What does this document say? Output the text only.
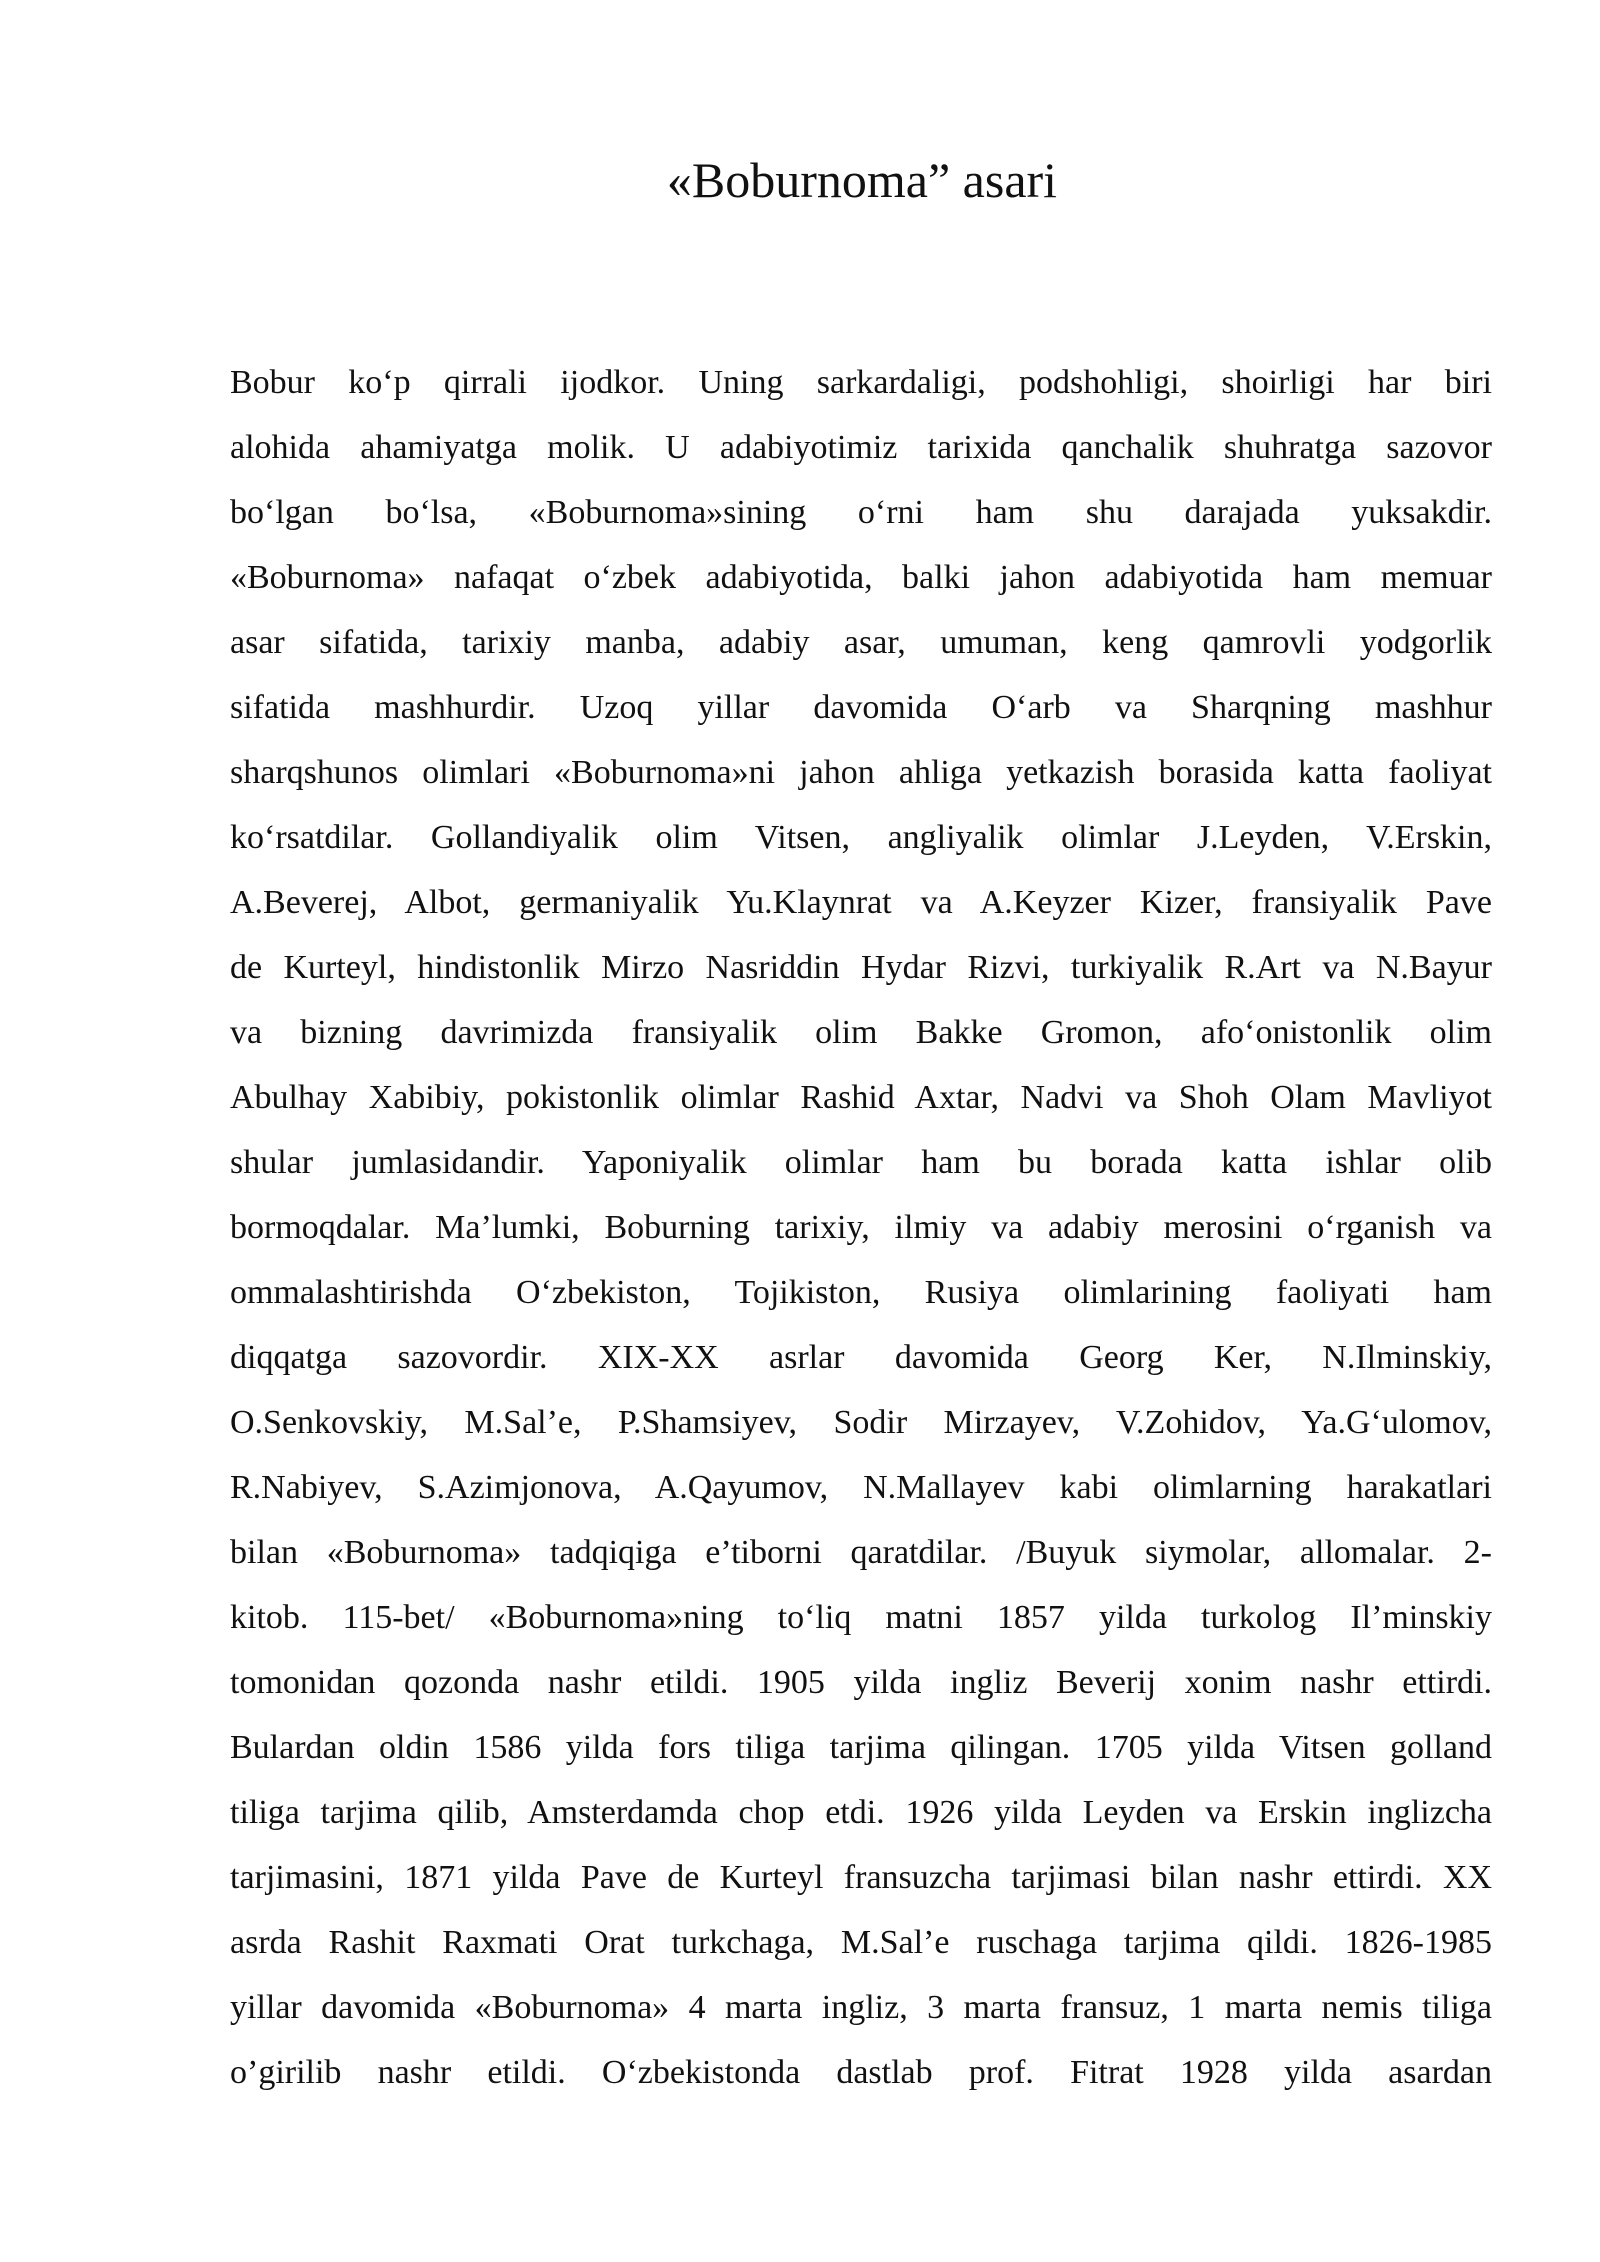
«Boburnoma” asari
Bobur ko‘p qirrali ijodkor. Uning sarkardaligi, podshohligi, shoirligi har biri
alohida ahamiyatga molik. U adabiyotimiz tarixida qanchalik shuhratga sazovor
bo‘lgan bo‘lsa, «Boburnoma»sining o‘rni ham shu darajada yuksakdir.
«Boburnoma» nafaqat o‘zbek adabiyotida, balki jahon adabiyotida ham memuar
asar sifatida, tarixiy manba, adabiy asar, umuman, keng qamrovli yodgorlik
sifatida mashhurdir. Uzoq yillar davomida O‘arb va Sharqning mashhur
sharqshunos olimlari «Boburnoma»ni jahon ahliga yetkazish borasida katta faoliyat
ko‘rsatdilar. Gollandiyalik olim Vitsen, angliyalik olimlar J.Leyden, V.Erskin,
A.Beverej, Albot, germaniyalik Yu.Klaynrat va A.Keyzer Kizer, fransiyalik Pave
de Kurteyl, hindistonlik Mirzo Nasriddin Hydar Rizvi, turkiyalik R.Art va N.Bayur
va bizning davrimizda fransiyalik olim Bakke Gromon, afo‘onistonlik olim
Abulhay Xabibiy, pokistonlik olimlar Rashid Axtar, Nadvi va Shoh Olam Mavliyot
shular jumlasidandir. Yaponiyalik olimlar ham bu borada katta ishlar olib
bormoqdalar. Ma’lumki, Boburning tarixiy, ilmiy va adabiy merosini o‘rganish va
ommalashtirishda O‘zbekiston, Tojikiston, Rusiya olimlarining faoliyati ham
diqqatga sazovordir. XIX-XX asrlar davomida Georg Ker, N.Ilminskiy,
O.Senkovskiy, M.Sal’e, P.Shamsiyev, Sodir Mirzayev, V.Zohidov, Ya.G‘ulomov,
R.Nabiyev, S.Azimjonova, A.Qayumov, N.Mallayev kabi olimlarning harakatlari
bilan «Boburnoma» tadqiqiga e’tiborni qaratdilar. /Buyuk siymolar, allomalar. 2-
kitob. 115-bet/ «Boburnoma»ning to‘liq matni 1857 yilda turkolog Il’minskiy
tomonidan qozonda nashr etildi. 1905 yilda ingliz Beverij xonim nashr ettirdi.
Bulardan oldin 1586 yilda fors tiliga tarjima qilingan. 1705 yilda Vitsen golland
tiliga tarjima qilib, Amsterdamda chop etdi. 1926 yilda Leyden va Erskin inglizcha
tarjimasini, 1871 yilda Pave de Kurteyl fransuzcha tarjimasi bilan nashr ettirdi. XX
asrda Rashit Raxmati Orat turkchaga, M.Sal’e ruschaga tarjima qildi. 1826-1985
yillar davomida «Boburnoma» 4 marta ingliz, 3 marta fransuz, 1 marta nemis tiliga
o’girilib nashr etildi. O‘zbekistonda dastlab prof. Fitrat 1928 yilda asardan
